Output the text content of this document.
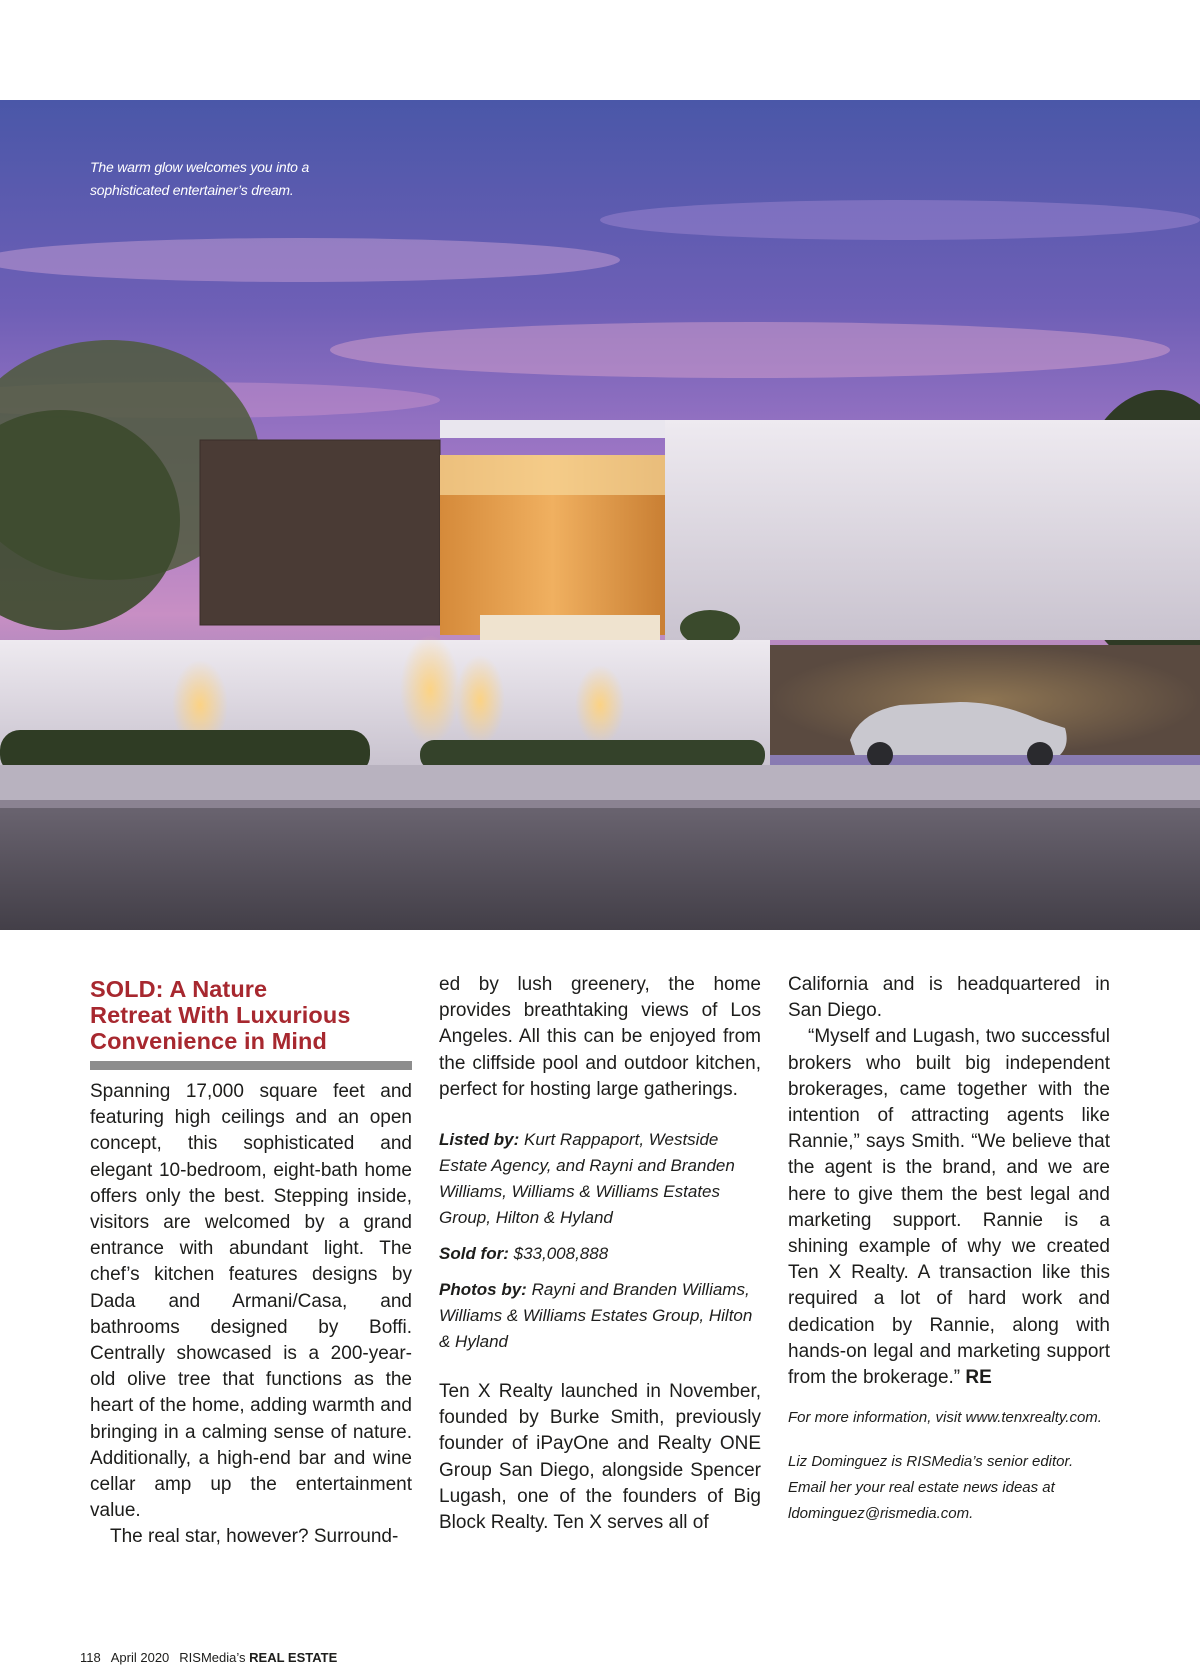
The warm glow welcomes you into a
sophisticated entertainer’s dream.
SOLD: A Nature
Retreat With Luxurious
Convenience in Mind

Spanning 17,000 square feet and featuring high ceilings and an open concept, this sophisticated and elegant 10-bedroom, eight-bath home offers only the best. Stepping inside, visitors are welcomed by a grand entrance with abundant light. The chef’s kitchen features designs by Dada and Armani/Casa, and bathrooms designed by Boffi. Centrally showcased is a 200-year-old olive tree that functions as the heart of the home, adding warmth and bringing in a calming sense of nature. Additionally, a high-end bar and wine cellar amp up the entertainment value.

The real star, however? Surround-

ed by lush greenery, the home provides breathtaking views of Los Angeles. All this can be enjoyed from the cliffside pool and outdoor kitchen, perfect for hosting large gatherings.

Listed by: Kurt Rappaport, Westside Estate Agency, and Rayni and Branden Williams, Williams & Williams Estates Group, Hilton & Hyland
Sold for: $33,008,888
Photos by: Rayni and Branden Williams, Williams & Williams Estates Group, Hilton & Hyland

Ten X Realty launched in November, founded by Burke Smith, previously founder of iPayOne and Realty ONE Group San Diego, alongside Spencer Lugash, one of the founders of Big Block Realty. Ten X serves all of

California and is headquartered in San Diego.

“Myself and Lugash, two successful brokers who built big independent brokerages, came together with the intention of attracting agents like Rannie,” says Smith. “We believe that the agent is the brand, and we are here to give them the best legal and marketing support. Rannie is a shining example of why we created Ten X Realty. A transaction like this required a lot of hard work and dedication by Rannie, along with hands-on legal and marketing support from the brokerage.” RE

For more information, visit www.tenxrealty.com.

Liz Dominguez is RISMedia’s senior editor.
Email her your real estate news ideas at
ldominguez@rismedia.com.
118 April 2020 RISMedia’s REAL ESTATE
